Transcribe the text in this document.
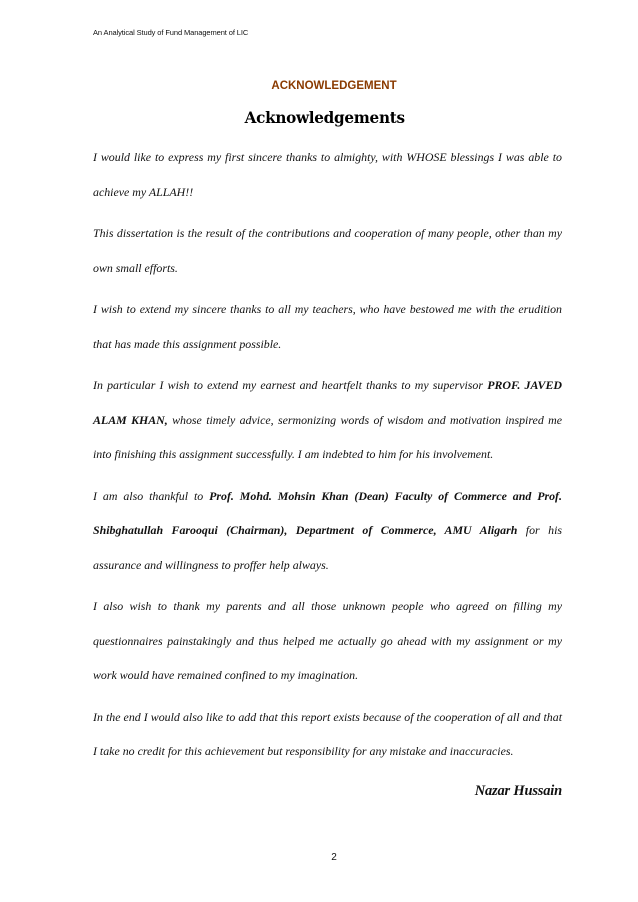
An Analytical Study of Fund Management of LIC
ACKNOWLEDGEMENT
Acknowledgements

I would like to express my first sincere thanks to almighty, with WHOSE blessings I was able to achieve my ALLAH!!

This dissertation is the result of the contributions and cooperation of many people, other than my own small efforts.

I wish to extend my sincere thanks to all my teachers, who have bestowed me with the erudition that has made this assignment possible.

In particular I wish to extend my earnest and heartfelt thanks to my supervisor PROF. JAVED ALAM KHAN, whose timely advice, sermonizing words of wisdom and motivation inspired me into finishing this assignment successfully. I am indebted to him for his involvement.

I am also thankful to Prof. Mohd. Mohsin Khan (Dean) Faculty of Commerce and Prof. Shibghatullah Farooqui (Chairman), Department of Commerce, AMU Aligarh for his assurance and willingness to proffer help always.

I also wish to thank my parents and all those unknown people who agreed on filling my questionnaires painstakingly and thus helped me actually go ahead with my assignment or my work would have remained confined to my imagination.

In the end I would also like to add that this report exists because of the cooperation of all and that I take no credit for this achievement but responsibility for any mistake and inaccuracies.

Nazar Hussain
2
